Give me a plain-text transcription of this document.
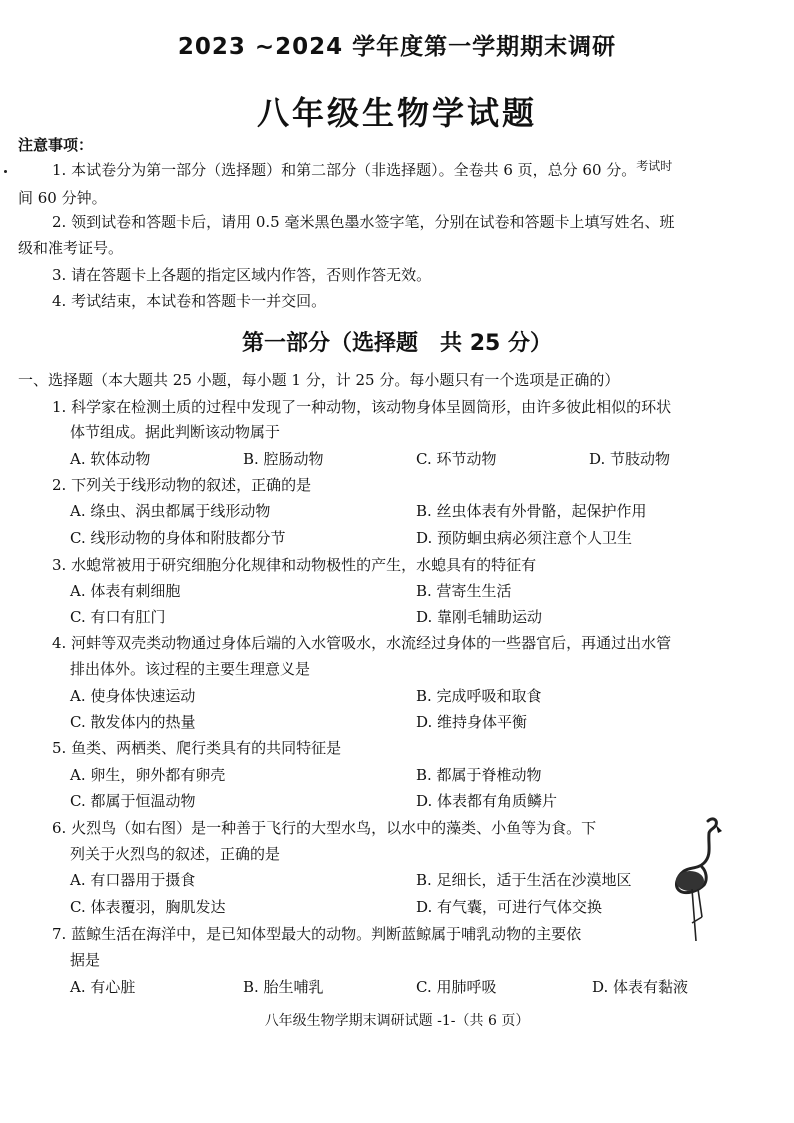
2023 ~2024 学年度第一学期期末调研
八年级生物学试题
注意事项：
1. 本试卷分为第一部分（选择题）和第二部分（非选择题）。全卷共 6 页，总分 60 分。$^{考试时}$
间 60 分钟。
2. 领到试卷和答题卡后，请用 0.5 毫米黑色墨水签字笔，分别在试卷和答题卡上填写姓名、班
级和准考证号。
3. 请在答题卡上各题的指定区域内作答，否则作答无效。
4. 考试结束，本试卷和答题卡一并交回。
第一部分（选择题　共 25 分）
一、选择题（本大题共 25 小题，每小题 1 分，计 25 分。每小题只有一个选项是正确的）
1. 科学家在检测土质的过程中发现了一种动物，该动物身体呈圆筒形，由许多彼此相似的环状
体节组成。据此判断该动物属于
A. 软体动物	B. 腔肠动物	C. 环节动物	D. 节肢动物
2. 下列关于线形动物的叙述，正确的是
A. 绦虫、涡虫都属于线形动物	B. 丝虫体表有外骨骼，起保护作用
C. 线形动物的身体和附肢都分节	D. 预防蛔虫病必须注意个人卫生
3. 水螅常被用于研究细胞分化规律和动物极性的产生，水螅具有的特征有
A. 体表有刺细胞	B. 营寄生生活
C. 有口有肛门	D. 靠刚毛辅助运动
4. 河蚌等双壳类动物通过身体后端的入水管吸水，水流经过身体的一些器官后，再通过出水管
排出体外。该过程的主要生理意义是
A. 使身体快速运动	B. 完成呼吸和取食
C. 散发体内的热量	D. 维持身体平衡
5. 鱼类、两栖类、爬行类具有的共同特征是
A. 卵生，卵外都有卵壳	B. 都属于脊椎动物
C. 都属于恒温动物	D. 体表都有角质鳞片
6. 火烈鸟（如右图）是一种善于飞行的大型水鸟，以水中的藻类、小鱼等为食。下
列关于火烈鸟的叙述，正确的是
A. 有口器用于摄食	B. 足细长，适于生活在沙漠地区
C. 体表覆羽，胸肌发达	D. 有气囊，可进行气体交换
7. 蓝鲸生活在海洋中，是已知体型最大的动物。判断蓝鲸属于哺乳动物的主要依
据是
A. 有心脏	B. 胎生哺乳	C. 用肺呼吸	D. 体表有黏液
八年级生物学期末调研试题 -1-（共 6 页）
